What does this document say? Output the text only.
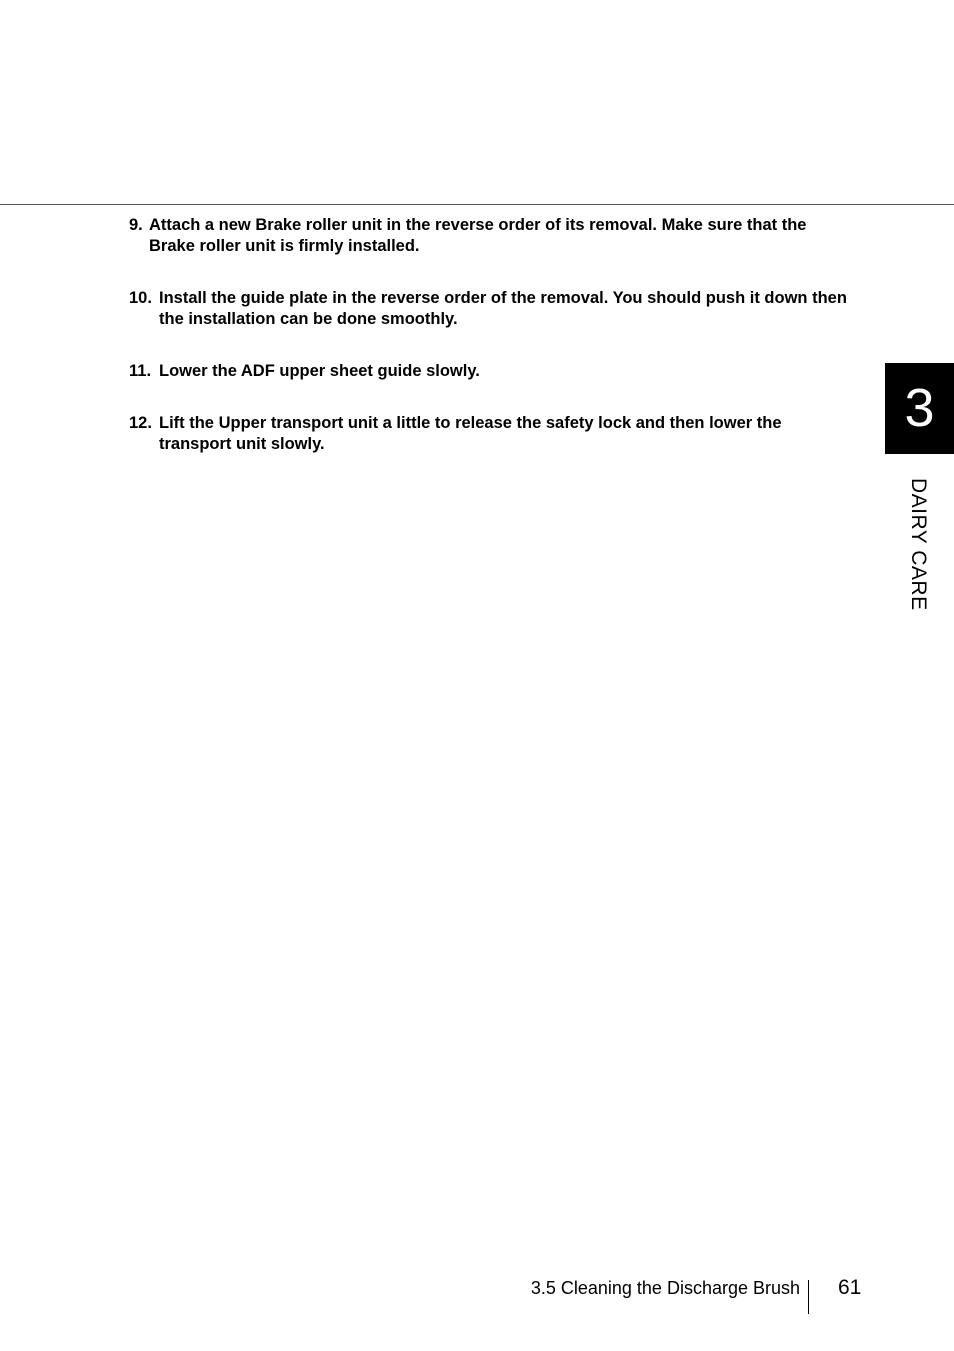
9. Attach a new Brake roller unit in the reverse order of its removal. Make sure that the Brake roller unit is firmly installed.
10. Install the guide plate in the reverse order of the removal. You should push it down then the installation can be done smoothly.
11. Lower the ADF upper sheet guide slowly.
12. Lift the Upper transport unit a little to release the safety lock and then lower the transport unit slowly.
3
DAIRY CARE
3.5 Cleaning the Discharge Brush 61
